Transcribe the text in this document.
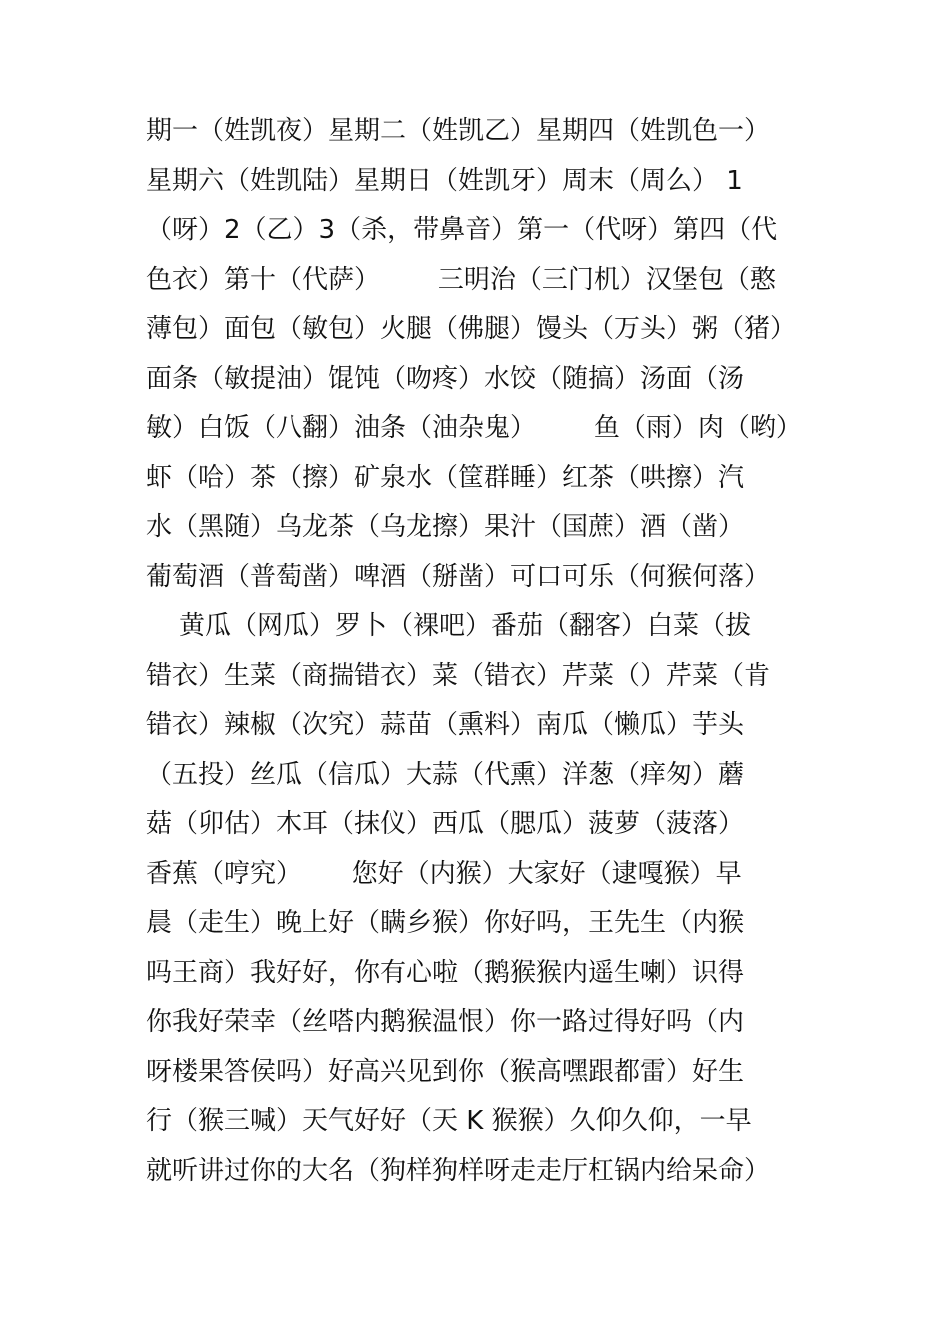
期一（姓凯夜）星期二（姓凯乙）星期四（姓凯色一）
星期六（姓凯陆）星期日（姓凯牙）周末（周么） 1
（呀）2（乙）3（杀，带鼻音）第一（代呀）第四（代
色衣）第十（代萨）       三明治（三门机）汉堡包（憨
薄包）面包（敏包）火腿（佛腿）馒头（万头）粥（猪）
面条（敏提油）馄饨（吻疼）水饺（随搞）汤面（汤
敏）白饭（八翻）油条（油杂鬼）       鱼（雨）肉（哟）
虾（哈）茶（擦）矿泉水（筐群睡）红茶（哄擦）汽
水（黑随）乌龙茶（乌龙擦）果汁（国蔗）酒（凿）
葡萄酒（普萄凿）啤酒（掰凿）可口可乐（何猴何落）
黄瓜（网瓜）罗卜（裸吧）番茄（翻客）白菜（拔
错衣）生菜（商揣错衣）菜（错衣）芹菜（）芹菜（肯
错衣）辣椒（次究）蒜苗（熏料）南瓜（懒瓜）芋头
（五投）丝瓜（信瓜）大蒜（代熏）洋葱（痒匆）蘑
菇（卯估）木耳（抹仪）西瓜（腮瓜）菠萝（菠落）
香蕉（哼究）      您好（内猴）大家好（逮嘎猴）早
晨（走生）晚上好（瞒乡猴）你好吗，王先生（内猴
吗王商）我好好，你有心啦（鹅猴猴内遥生喇）识得
你我好荣幸（丝嗒内鹅猴温恨）你一路过得好吗（内
呀楼果答侯吗）好高兴见到你（猴高嘿跟都雷）好生
行（猴三喊）天气好好（天 K 猴猴）久仰久仰，一早
就听讲过你的大名（狗样狗样呀走走厅杠锅内给呆命）
